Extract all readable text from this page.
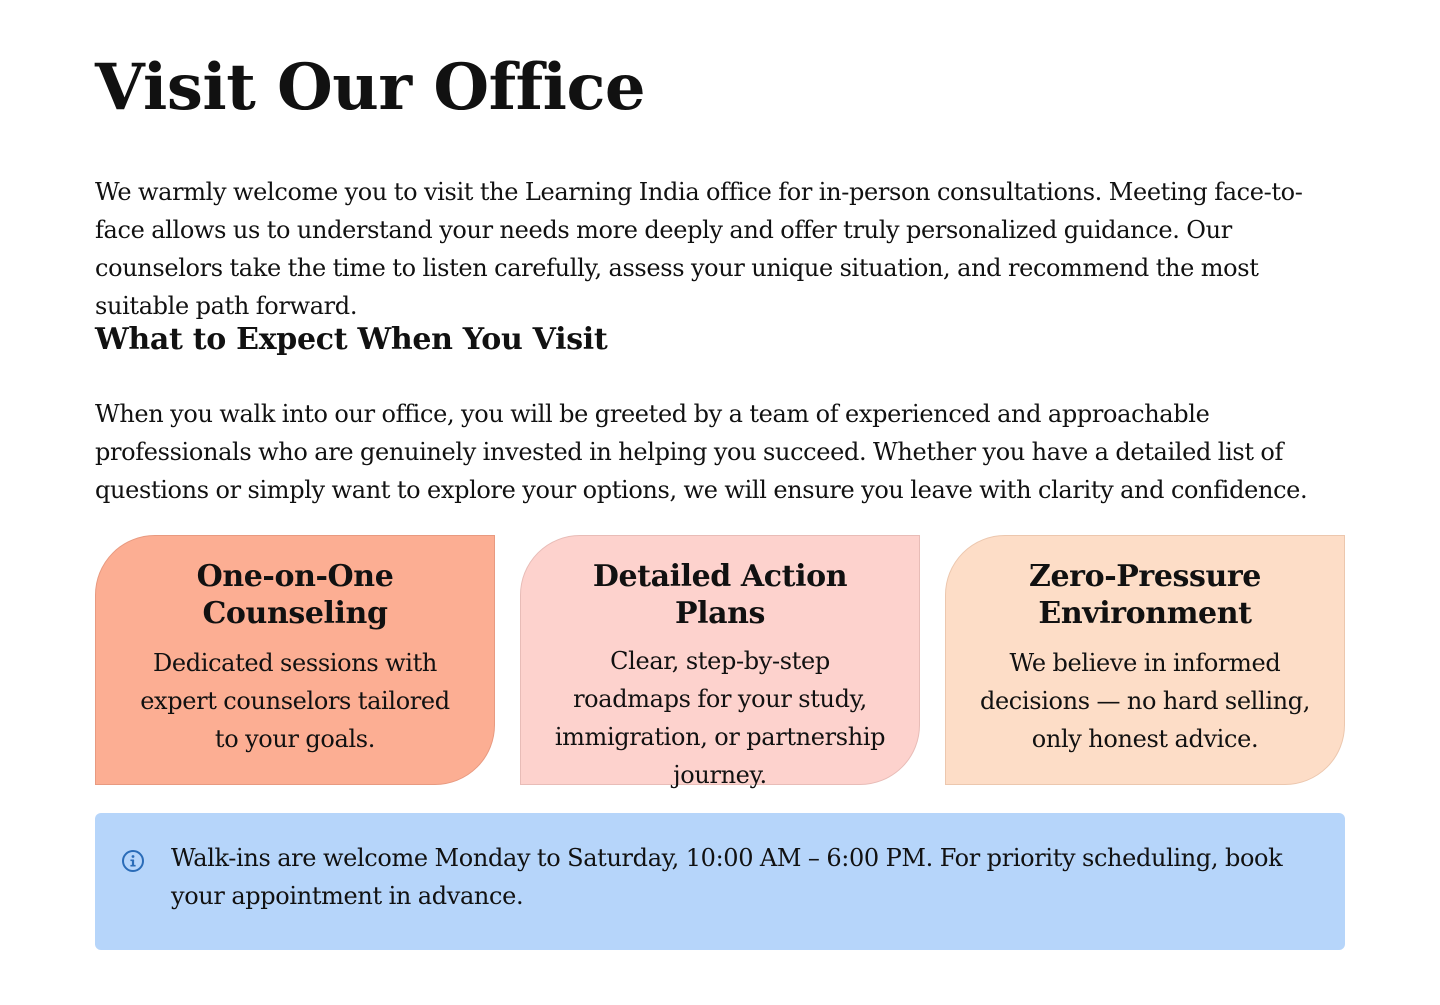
Visit Our Office

We warmly welcome you to visit the Learning India office for in-person consultations. Meeting face-to-face allows us to understand your needs more deeply and offer truly personalized guidance. Our counselors take the time to listen carefully, assess your unique situation, and recommend the most suitable path forward.

What to Expect When You Visit

When you walk into our office, you will be greeted by a team of experienced and approachable professionals who are genuinely invested in helping you succeed. Whether you have a detailed list of questions or simply want to explore your options, we will ensure you leave with clarity and confidence.

One-on-One Counseling

Dedicated sessions with expert counselors tailored to your goals.

Detailed Action Plans

Clear, step-by-step roadmaps for your study, immigration, or partnership journey.

Zero-Pressure Environment

We believe in informed decisions — no hard selling, only honest advice.

Walk-ins are welcome Monday to Saturday, 10:00 AM – 6:00 PM. For priority scheduling, book your appointment in advance.
